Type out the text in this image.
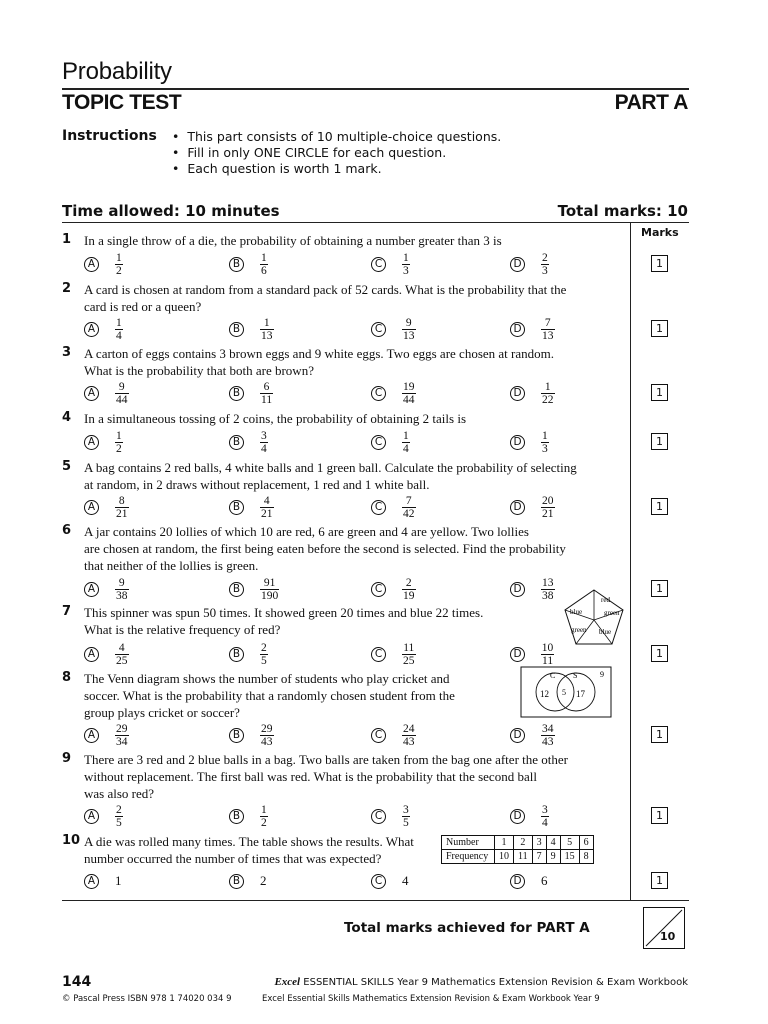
Probability
TOPIC TEST	PART A
Instructions	• This part consists of 10 multiple-choice questions.
• Fill in only ONE CIRCLE for each question.
• Each question is worth 1 mark.
Time allowed: 10 minutes	Total marks: 10
Marks
1 In a single throw of a die, the probability of obtaining a number greater than 3 is
A	$\frac{1}{2}$	B	$\frac{1}{6}$	C	$\frac{1}{3}$	D	$\frac{2}{3}$	1
2 A card is chosen at random from a standard pack of 52 cards. What is the probability that the
card is red or a queen?
A	$\frac{1}{4}$	B	$\frac{1}{13}$	C	$\frac{9}{13}$	D	$\frac{7}{13}$	1
3 A carton of eggs contains 3 brown eggs and 9 white eggs. Two eggs are chosen at random.
What is the probability that both are brown?
A	$\frac{9}{44}$	B	$\frac{6}{11}$	C	$\frac{19}{44}$	D	$\frac{1}{22}$	1
4 In a simultaneous tossing of 2 coins, the probability of obtaining 2 tails is
A	$\frac{1}{2}$	B	$\frac{3}{4}$	C	$\frac{1}{4}$	D	$\frac{1}{3}$	1
5 A bag contains 2 red balls, 4 white balls and 1 green ball. Calculate the probability of selecting
at random, in 2 draws without replacement, 1 red and 1 white ball.
A	$\frac{8}{21}$	B	$\frac{4}{21}$	C	$\frac{7}{42}$	D	$\frac{20}{21}$	1
6 A jar contains 20 lollies of which 10 are red, 6 are green and 4 are yellow. Two lollies
are chosen at random, the first being eaten before the second is selected. Find the probability
that neither of the lollies is green.
A	$\frac{9}{38}$	B	$\frac{91}{190}$	C	$\frac{2}{19}$	D	$\frac{13}{38}$	1
7 This spinner was spun 50 times. It showed green 20 times and blue 22 times.
What is the relative frequency of red?
A	$\frac{4}{25}$	B	$\frac{2}{5}$	C	$\frac{11}{25}$	D	$\frac{10}{11}$	1
8 The Venn diagram shows the number of students who play cricket and
soccer. What is the probability that a randomly chosen student from the
group plays cricket or soccer?
A	$\frac{29}{34}$	B	$\frac{29}{43}$	C	$\frac{24}{43}$	D	$\frac{34}{43}$	1
9 There are 3 red and 2 blue balls in a bag. Two balls are taken from the bag one after the other
without replacement. The first ball was red. What is the probability that the second ball
was also red?
A	$\frac{2}{5}$	B	$\frac{1}{2}$	C	$\frac{3}{5}$	D	$\frac{3}{4}$	1
10 A die was rolled many times. The table shows the results. What
number occurred the number of times that was expected?
A	1	B 2	C 4	D 6	1
red
blue	green
green blue
C S	9
12 5 17
Number	1	2	3	4	5	6
Frequency	10	11	7	9	15	8
Total marks achieved for PART A
10
144	Excel ESSENTIAL SKILLS Year 9 Mathematics Extension Revision & Exam Workbook
© Pascal Press ISBN 978 1 74020 034 9	Excel Essential Skills Mathematics Extension Revision & Exam Workbook Year 9
